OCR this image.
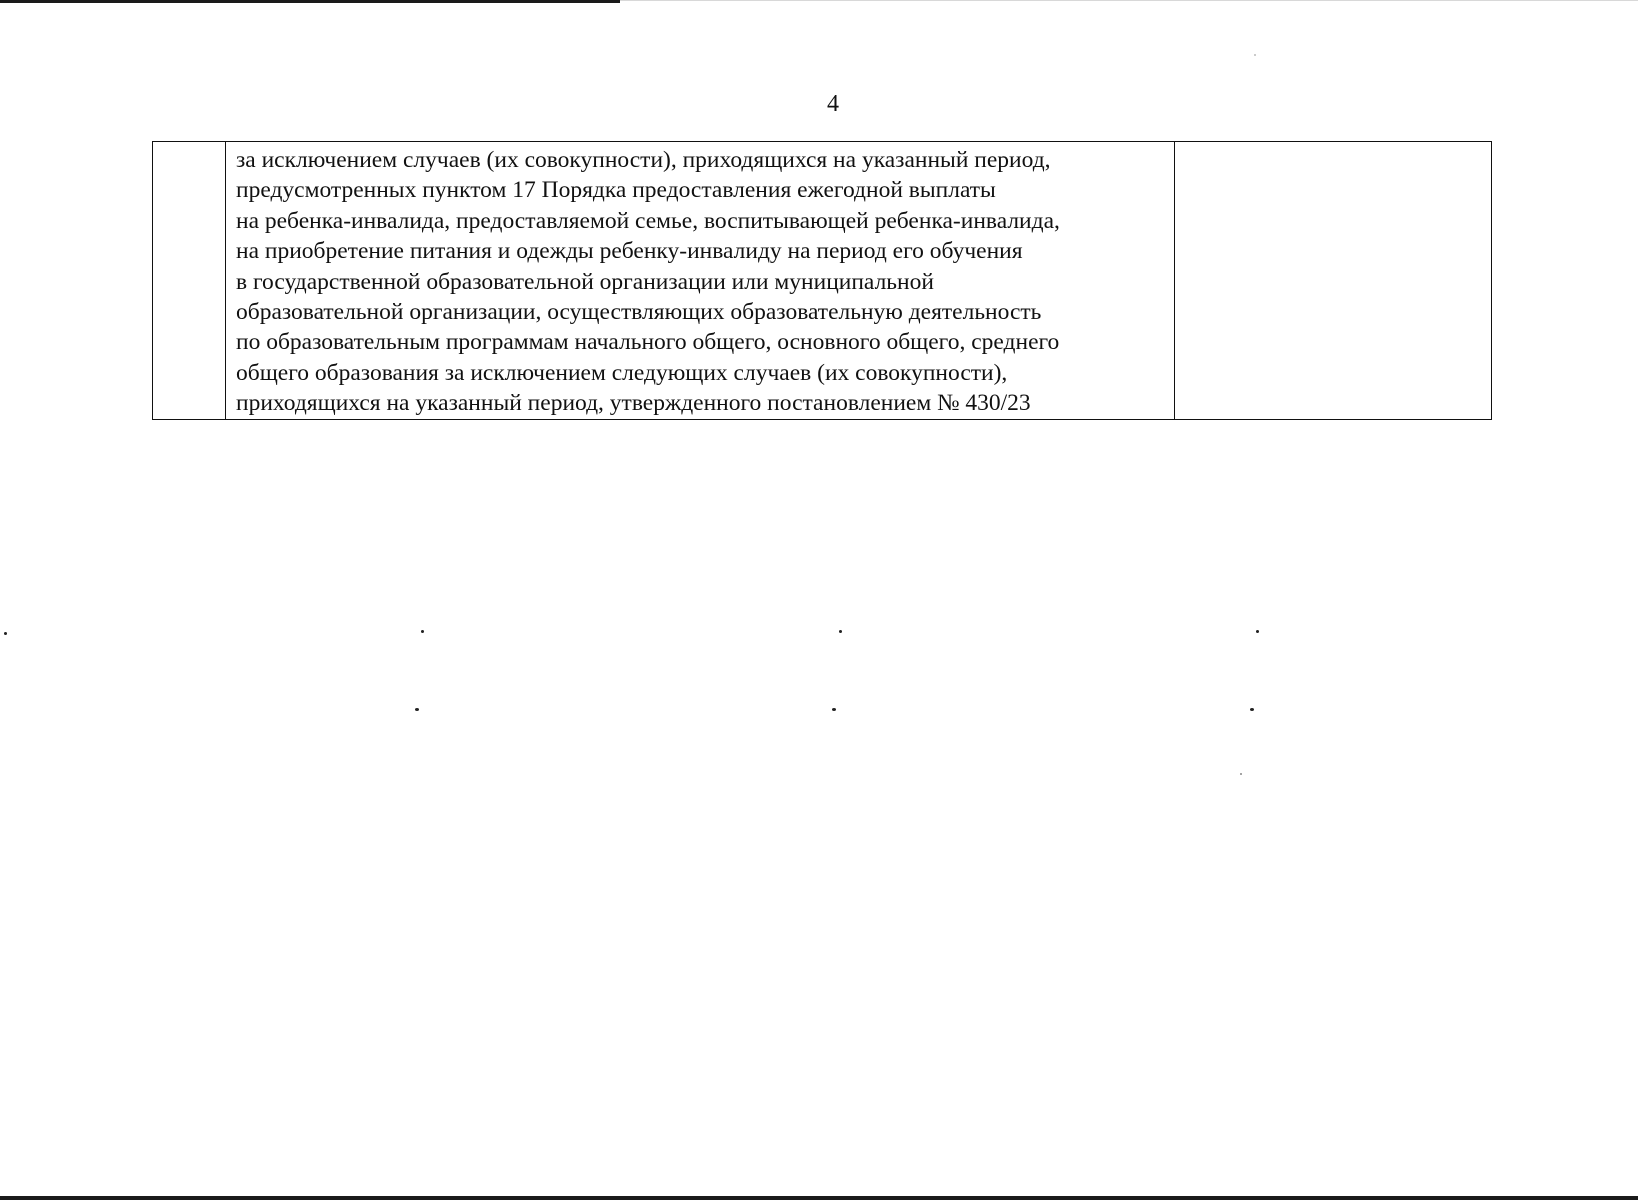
4

за исключением случаев (их совокупности), приходящихся на указанный период,
предусмотренных пунктом 17 Порядка предоставления ежегодной выплаты
на ребенка-инвалида, предоставляемой семье, воспитывающей ребенка-инвалида,
на приобретение питания и одежды ребенку-инвалиду на период его обучения
в государственной образовательной организации или муниципальной
образовательной организации, осуществляющих образовательную деятельность
по образовательным программам начального общего, основного общего, среднего
общего образования за исключением следующих случаев (их совокупности),
приходящихся на указанный период, утвержденного постановлением № 430/23
